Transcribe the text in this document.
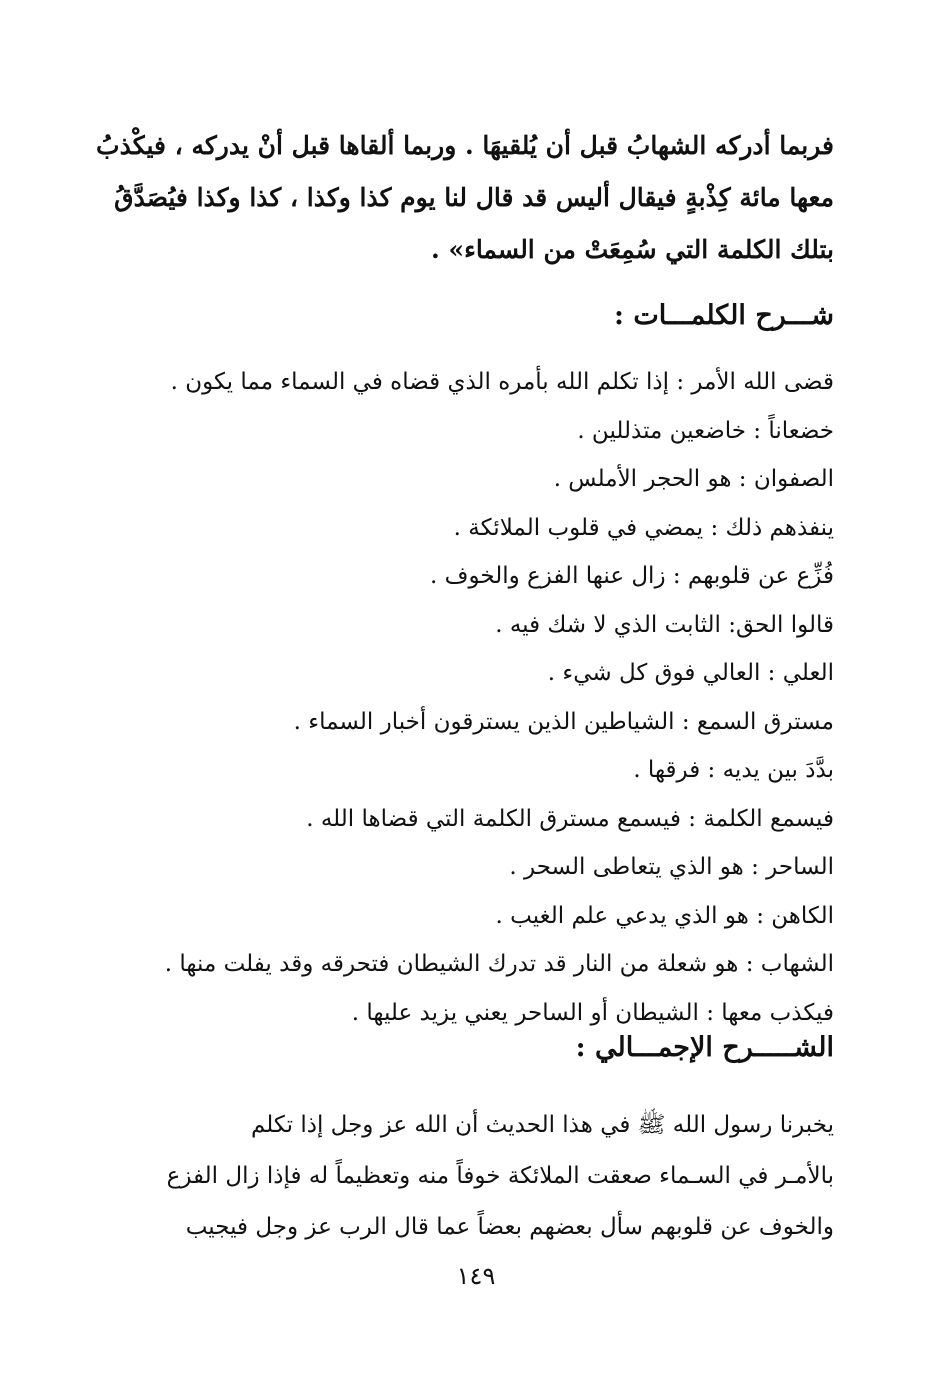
فربما أدركه الشهابُ قبل أن يُلقيهَا . وربما ألقاها قبل أنْ يدركه ، فيكْذبُ

معها مائة كِذْبةٍ فيقال أليس قد قال لنا يوم كذا وكذا ، كذا وكذا فيُصَدَّقُ

بتلك الكلمة التي سُمِعَتْ من السماء» .

شـــرح الكلمـــات :

قضى الله الأمر : إذا تكلم الله بأمره الذي قضاه في السماء مما يكون .

خضعاناً : خاضعين متذللين .

الصفوان : هو الحجر الأملس .

ينفذهم ذلك : يمضي في قلوب الملائكة .

فُزِّع عن قلوبهم : زال عنها الفزع والخوف .

قالوا الحق: الثابت الذي لا شك فيه .

العلي : العالي فوق كل شيء .

مسترق السمع : الشياطين الذين يسترقون أخبار السماء .

بدَّدَ بين يديه : فرقها .

فيسمع الكلمة : فيسمع مسترق الكلمة التي قضاها الله .

الساحر : هو الذي يتعاطى السحر .

الكاهن : هو الذي يدعي علم الغيب .

الشهاب : هو شعلة من النار قد تدرك الشيطان فتحرقه وقد يفلت منها .

فيكذب معها : الشيطان أو الساحر يعني يزيد عليها .

الشـــــرح الإجمـــالي :

يخبرنا رسول الله ﷺ في هذا الحديث أن الله عز وجل إذا تكلم

بالأمـر في السـماء صعقت الملائكة خوفاً منه وتعظيماً له فإذا زال الفزع

والخوف عن قلوبهم سأل بعضهم بعضاً عما قال الرب عز وجل فيجيب

١٤٩
